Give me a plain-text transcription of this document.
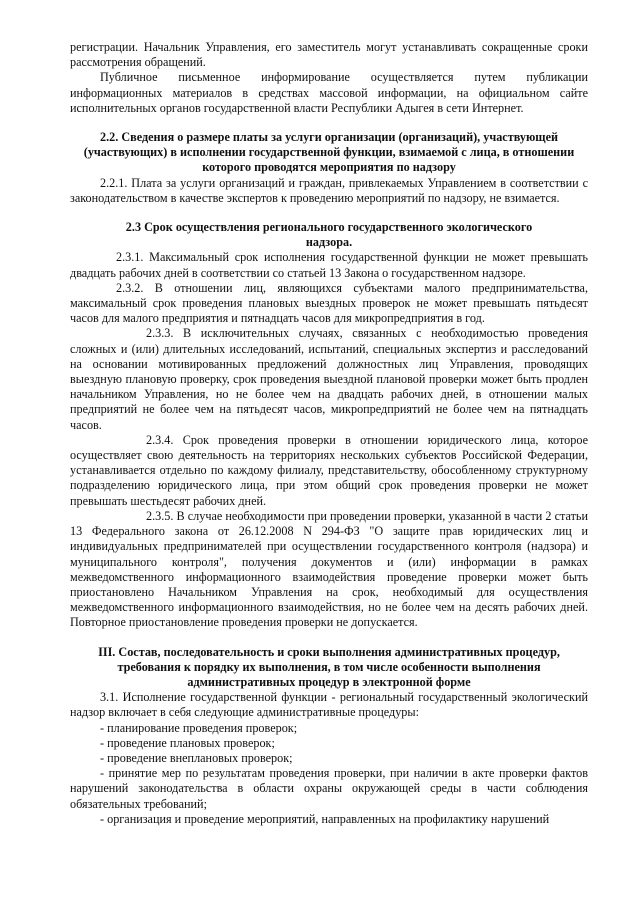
регистрации. Начальник Управления, его заместитель могут устанавливать сокращенные сроки рассмотрения обращений.

Публичное письменное информирование осуществляется путем публикации информационных материалов в средствах массовой информации, на официальном сайте исполнительных органов государственной власти Республики Адыгея в сети Интернет.

2.2. Сведения о размере платы за услуги организации (организаций), участвующей (участвующих) в исполнении государственной функции, взимаемой с лица, в отношении которого проводятся мероприятия по надзору

2.2.1. Плата за услуги организаций и граждан, привлекаемых Управлением в соответствии с законодательством в качестве экспертов к проведению мероприятий по надзору, не взимается.

2.3 Срок осуществления регионального государственного экологического надзора.

2.3.1. Максимальный срок исполнения государственной функции не может превышать двадцать рабочих дней в соответствии со статьей 13 Закона о государственном надзоре.

2.3.2. В отношении лиц, являющихся субъектами малого предпринимательства, максимальный срок проведения плановых выездных проверок не может превышать пятьдесят часов для малого предприятия и пятнадцать часов для микропредприятия в год.

2.3.3. В исключительных случаях, связанных с необходимостью проведения сложных и (или) длительных исследований, испытаний, специальных экспертиз и расследований на основании мотивированных предложений должностных лиц Управления, проводящих выездную плановую проверку, срок проведения выездной плановой проверки может быть продлен начальником Управления, но не более чем на двадцать рабочих дней, в отношении малых предприятий не более чем на пятьдесят часов, микропредприятий не более чем на пятнадцать часов.

2.3.4. Срок проведения проверки в отношении юридического лица, которое осуществляет свою деятельность на территориях нескольких субъектов Российской Федерации, устанавливается отдельно по каждому филиалу, представительству, обособленному структурному подразделению юридического лица, при этом общий срок проведения проверки не может превышать шестьдесят рабочих дней.

2.3.5. В случае необходимости при проведении проверки, указанной в части 2 статьи 13 Федерального закона от 26.12.2008 N 294-ФЗ "О защите прав юридических лиц и индивидуальных предпринимателей при осуществлении государственного контроля (надзора) и муниципального контроля", получения документов и (или) информации в рамках межведомственного информационного взаимодействия проведение проверки может быть приостановлено Начальником Управления на срок, необходимый для осуществления межведомственного информационного взаимодействия, но не более чем на десять рабочих дней. Повторное приостановление проведения проверки не допускается.

III. Состав, последовательность и сроки выполнения административных процедур, требования к порядку их выполнения, в том числе особенности выполнения административных процедур в электронной форме

3.1. Исполнение государственной функции - региональный государственный экологический надзор включает в себя следующие административные процедуры:

- планирование проведения проверок;

- проведение плановых проверок;

- проведение внеплановых проверок;

- принятие мер по результатам проведения проверки, при наличии в акте проверки фактов нарушений законодательства в области охраны окружающей среды в части соблюдения обязательных требований;

- организация и проведение мероприятий, направленных на профилактику нарушений
